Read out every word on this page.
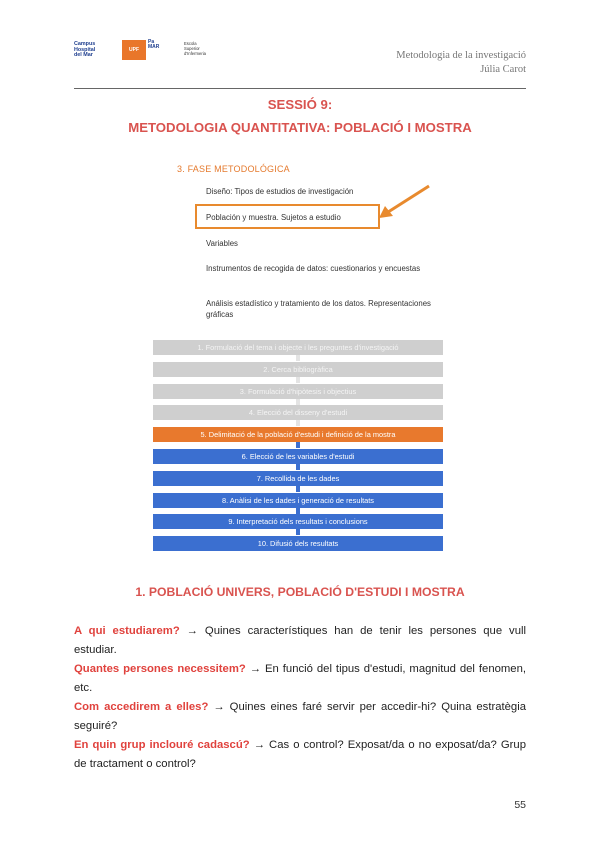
Campus
Hospital
del Mar
UPF
Pa
MAR
Escola
Superior
d'Infermeria	Metodologia de la investigació
Júlia Carot
SESSIÓ 9:
METODOLOGIA QUANTITATIVA: POBLACIÓ I MOSTRA
3. FASE METODOLÓGICA
Diseño: Tipos de estudios de investigación
Población y muestra. Sujetos a estudio
Variables
Instrumentos de recogida de datos: cuestionarios y encuestas
Análisis estadístico y tratamiento de los datos. Representaciones gráficas
1. Formulació del tema i objecte i les preguntes d'investigació
2. Cerca bibliogràfica
3. Formulació d'hipòtesis i objectius
4. Elecció del disseny d'estudi
5. Delimitació de la població d'estudi i definició de la mostra
6. Elecció de les variables d'estudi
7. Recollida de les dades
8. Anàlisi de les dades i generació de resultats
9. Interpretació dels resultats i conclusions
10. Difusió dels resultats
1. POBLACIÓ UNIVERS, POBLACIÓ D'ESTUDI I MOSTRA
A qui estudiarem? → Quines característiques han de tenir les persones que vull estudiar.
Quantes persones necessitem? → En funció del tipus d'estudi, magnitud del fenomen, etc.
Com accedirem a elles? → Quines eines faré servir per accedir-hi? Quina estratègia seguiré?
En quin grup inclouré cadascú? → Cas o control? Exposat/da o no exposat/da? Grup de tractament o control?
55
